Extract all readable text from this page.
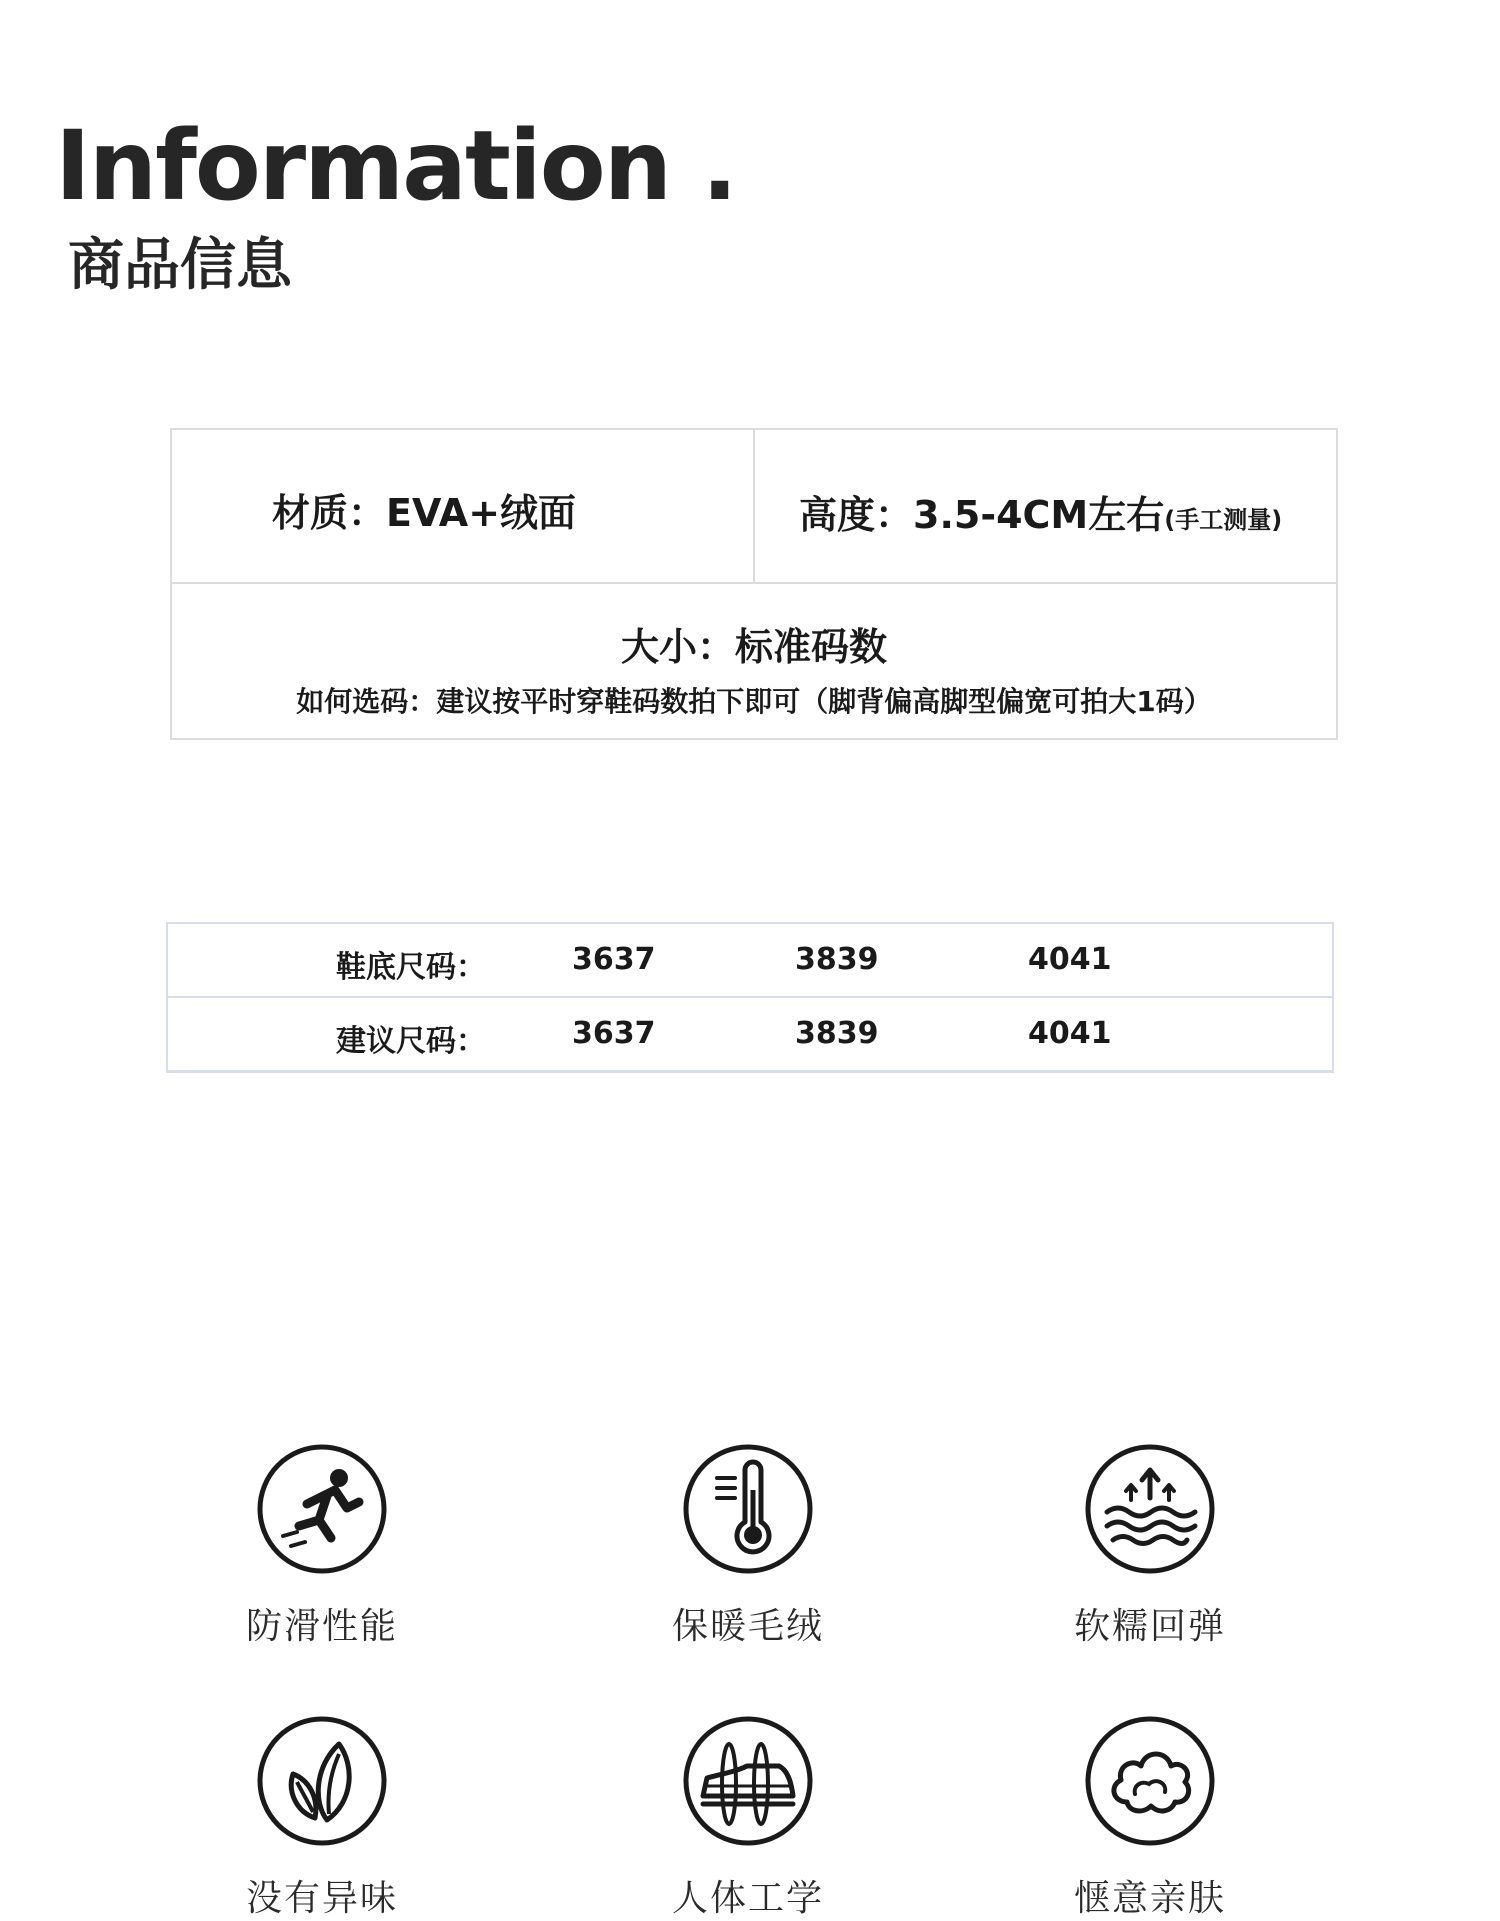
Information .
商品信息
材质：EVA+绒面	高度：3.5-4CM左右(手工测量)
大小：标准码数
如何选码：建议按平时穿鞋码数拍下即可（脚背偏高脚型偏宽可拍大1码）
鞋底尺码：	3637	3839	4041
建议尺码：	3637	3839	4041
防滑性能	保暖毛绒	软糯回弹
没有异味	人体工学	惬意亲肤
